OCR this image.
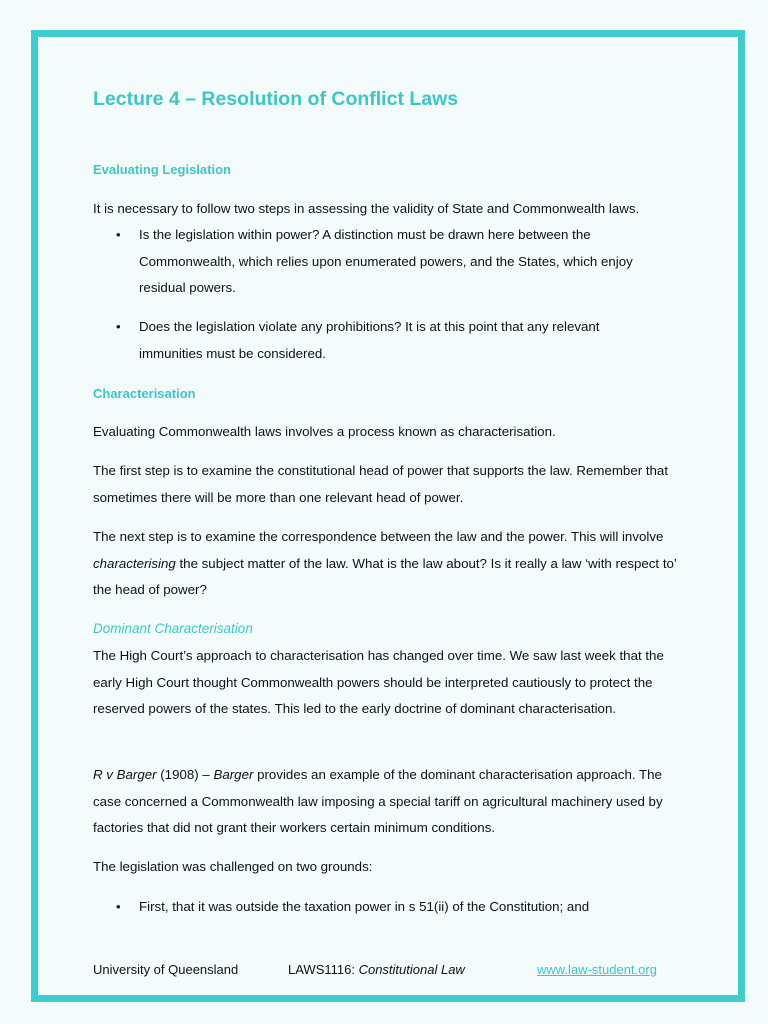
Lecture 4 – Resolution of Conflict Laws
Evaluating Legislation
It is necessary to follow two steps in assessing the validity of State and Commonwealth laws.
•	Is the legislation within power? A distinction must be drawn here between the Commonwealth, which relies upon enumerated powers, and the States, which enjoy residual powers.
•	Does the legislation violate any prohibitions? It is at this point that any relevant immunities must be considered.
Characterisation
Evaluating Commonwealth laws involves a process known as characterisation.
The first step is to examine the constitutional head of power that supports the law. Remember that sometimes there will be more than one relevant head of power.
The next step is to examine the correspondence between the law and the power. This will involve characterising the subject matter of the law. What is the law about? Is it really a law ‘with respect to’ the head of power?
Dominant Characterisation
The High Court’s approach to characterisation has changed over time. We saw last week that the early High Court thought Commonwealth powers should be interpreted cautiously to protect the reserved powers of the states. This led to the early doctrine of dominant characterisation.
R v Barger (1908) – Barger provides an example of the dominant characterisation approach. The case concerned a Commonwealth law imposing a special tariff on agricultural machinery used by factories that did not grant their workers certain minimum conditions.
The legislation was challenged on two grounds:
•	First, that it was outside the taxation power in s 51(ii) of the Constitution; and
University of Queensland	LAWS1116: Constitutional Law	www.law-student.org
